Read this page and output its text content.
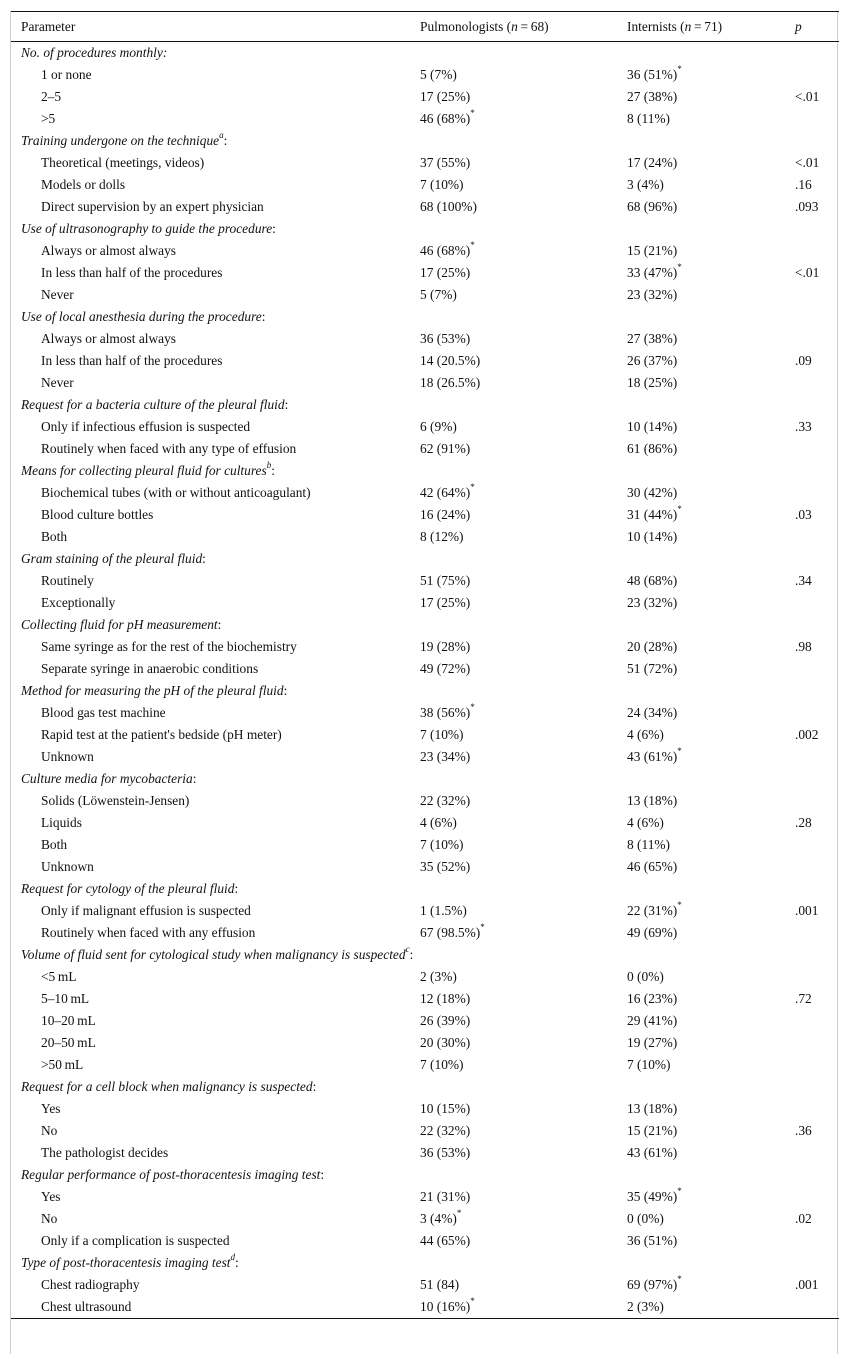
Parameter	Pulmonologists (n = 68)	Internists (n = 71)	p
No. of procedures monthly:			
1 or none	5 (7%)	36 (51%)*	
2–5	17 (25%)	27 (38%)	<.01
>5	46 (68%)*	8 (11%)	
Training undergone on the technique$^a$:			
Theoretical (meetings, videos)	37 (55%)	17 (24%)	<.01
Models or dolls	7 (10%)	3 (4%)	.16
Direct supervision by an expert physician	68 (100%)	68 (96%)	.093
Use of ultrasonography to guide the procedure:			
Always or almost always	46 (68%)*	15 (21%)	
In less than half of the procedures	17 (25%)	33 (47%)*	<.01
Never	5 (7%)	23 (32%)	
Use of local anesthesia during the procedure:			
Always or almost always	36 (53%)	27 (38%)	
In less than half of the procedures	14 (20.5%)	26 (37%)	.09
Never	18 (26.5%)	18 (25%)	
Request for a bacteria culture of the pleural fluid:			
Only if infectious effusion is suspected	6 (9%)	10 (14%)	.33
Routinely when faced with any type of effusion	62 (91%)	61 (86%)	
Means for collecting pleural fluid for cultures$^b$:			
Biochemical tubes (with or without anticoagulant)	42 (64%)*	30 (42%)	
Blood culture bottles	16 (24%)	31 (44%)*	.03
Both	8 (12%)	10 (14%)	
Gram staining of the pleural fluid:			
Routinely	51 (75%)	48 (68%)	.34
Exceptionally	17 (25%)	23 (32%)	
Collecting fluid for pH measurement:			
Same syringe as for the rest of the biochemistry	19 (28%)	20 (28%)	.98
Separate syringe in anaerobic conditions	49 (72%)	51 (72%)	
Method for measuring the pH of the pleural fluid:			
Blood gas test machine	38 (56%)*	24 (34%)	
Rapid test at the patient's bedside (pH meter)	7 (10%)	4 (6%)	.002
Unknown	23 (34%)	43 (61%)*	
Culture media for mycobacteria:			
Solids (Löwenstein-Jensen)	22 (32%)	13 (18%)	
Liquids	4 (6%)	4 (6%)	.28
Both	7 (10%)	8 (11%)	
Unknown	35 (52%)	46 (65%)	
Request for cytology of the pleural fluid:			
Only if malignant effusion is suspected	1 (1.5%)	22 (31%)*	.001
Routinely when faced with any effusion	67 (98.5%)*	49 (69%)	
Volume of fluid sent for cytological study when malignancy is suspected$^c$:			
<5 mL	2 (3%)	0 (0%)	
5–10 mL	12 (18%)	16 (23%)	.72
10–20 mL	26 (39%)	29 (41%)	
20–50 mL	20 (30%)	19 (27%)	
>50 mL	7 (10%)	7 (10%)	
Request for a cell block when malignancy is suspected:			
Yes	10 (15%)	13 (18%)	
No	22 (32%)	15 (21%)	.36
The pathologist decides	36 (53%)	43 (61%)	
Regular performance of post-thoracentesis imaging test:			
Yes	21 (31%)	35 (49%)*	
No	3 (4%)*	0 (0%)	.02
Only if a complication is suspected	44 (65%)	36 (51%)	
Type of post-thoracentesis imaging test$^d$:			
Chest radiography	51 (84)	69 (97%)*	.001
Chest ultrasound	10 (16%)*	2 (3%)	
